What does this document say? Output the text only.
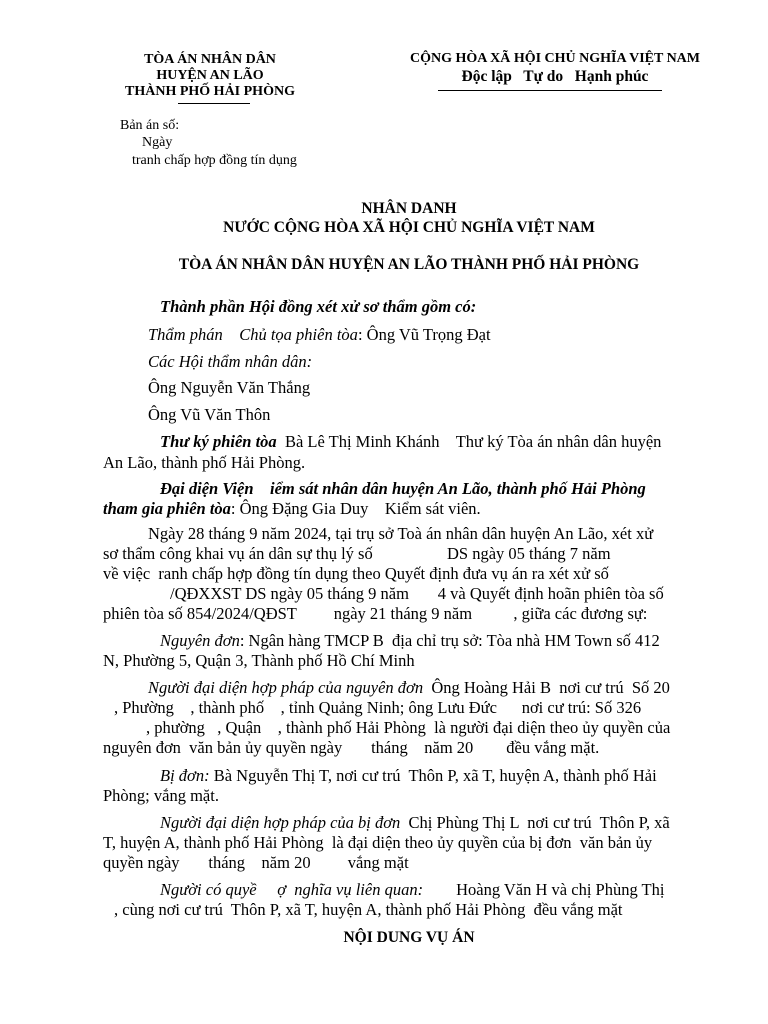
TÒA ÁN NHÂN DÂN
HUYỆN AN LÃO
THÀNH PHỐ HẢI PHÒNG
CỘNG HÒA XÃ HỘI CHỦ NGHĨA VIỆT NAM
Độc lập   Tự do   Hạnh phúc
Bản án số:
Ngày
tranh chấp hợp đồng tín dụng
NHÂN DANH
NƯỚC CỘNG HÒA XÃ HỘI CHỦ NGHĨA VIỆT NAM
TÒA ÁN NHÂN DÂN HUYỆN AN LÃO THÀNH PHỐ HẢI PHÒNG
Thành phần Hội đồng xét xử sơ thẩm gồm có:
Thẩm phán    Chủ tọa phiên tòa: Ông Vũ Trọng Đạt
Các Hội thẩm nhân dân:
Ông Nguyễn Văn Thắng
Ông Vũ Văn Thôn
Thư ký phiên tòa  Bà Lê Thị Minh Khánh    Thư ký Tòa án nhân dân huyện
An Lão, thành phố Hải Phòng.
Đại diện Viện    iểm sát nhân dân huyện An Lão, thành phố Hải Phòng
tham gia phiên tòa: Ông Đặng Gia Duy    Kiểm sát viên.
Ngày 28 tháng 9 năm 2024, tại trụ sở Toà án nhân dân huyện An Lão, xét xử
sơ thẩm công khai vụ án dân sự thụ lý số                  DS ngày 05 tháng 7 năm
về việc  ranh chấp hợp đồng tín dụng theo Quyết định đưa vụ án ra xét xử số
/QĐXXST DS ngày 05 tháng 9 năm       4 và Quyết định hoãn phiên tòa số
phiên tòa số 854/2024/QĐST         ngày 21 tháng 9 năm          , giữa các đương sự:
Nguyên đơn: Ngân hàng TMCP B  địa chỉ trụ sở: Tòa nhà HM Town số 412
N, Phường 5, Quận 3, Thành phố Hồ Chí Minh
Người đại diện hợp pháp của nguyên đơn  Ông Hoàng Hải B  nơi cư trú  Số 20
, Phường    , thành phố    , tỉnh Quảng Ninh; ông Lưu Đức      nơi cư trú: Số 326
, phường   , Quận    , thành phố Hải Phòng  là người đại diện theo ủy quyền của
nguyên đơn  văn bản ủy quyền ngày       tháng    năm 20        đều vắng mặt.
Bị đơn: Bà Nguyễn Thị T, nơi cư trú  Thôn P, xã T, huyện A, thành phố Hải
Phòng; vắng mặt.
Người đại diện hợp pháp của bị đơn  Chị Phùng Thị L  nơi cư trú  Thôn P, xã
T, huyện A, thành phố Hải Phòng  là đại diện theo ủy quyền của bị đơn  văn bản ủy
quyền ngày       tháng    năm 20         vắng mặt
Người có quyề     ợ  nghĩa vụ liên quan:        Hoàng Văn H và chị Phùng Thị
, cùng nơi cư trú  Thôn P, xã T, huyện A, thành phố Hải Phòng  đều vắng mặt
NỘI DUNG VỤ ÁN
